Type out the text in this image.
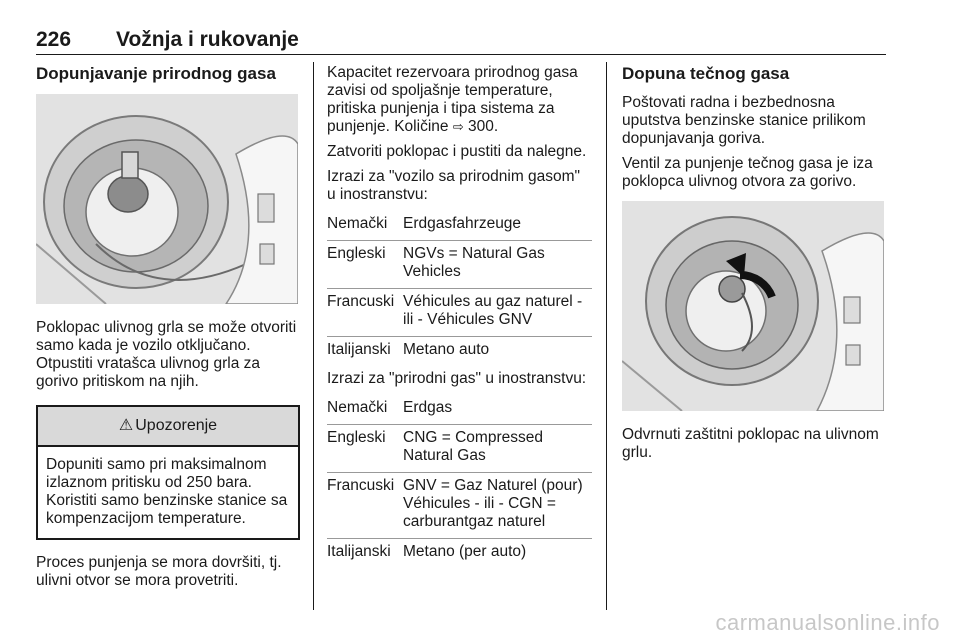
226 Vožnja i rukovanje
Dopunjavanje prirodnog gasa

Poklopac ulivnog grla se može otvoriti samo kada je vozilo otključano. Otpustiti vratašca ulivnog grla za gorivo pritiskom na njih.

⚠ Upozorenje
Dopuniti samo pri maksimalnom izlaznom pritisku od 250 bara. Koristiti samo benzinske stanice sa kompenzacijom temperature.

Proces punjenja se mora dovršiti, tj. ulivni otvor se mora provetriti.

Kapacitet rezervoara prirodnog gasa zavisi od spoljašnje temperature, pritiska punjenja i tipa sistema za punjenje. Količine ⇨ 300.

Zatvoriti poklopac i pustiti da nalegne.

Izrazi za "vozilo sa prirodnim gasom" u inostranstvu:

Nemački	Erdgasfahrzeuge
Engleski	NGVs = Natural Gas Vehicles
Francuski	Véhicules au gaz naturel - ili - Véhicules GNV
Italijanski	Metano auto

Izrazi za "prirodni gas" u inostranstvu:

Nemački	Erdgas
Engleski	CNG = Compressed Natural Gas
Francuski	GNV = Gaz Naturel (pour) Véhicules - ili - CGN = carburantgaz naturel
Italijanski	Metano (per auto)
Dopuna tečnog gasa

Poštovati radna i bezbednosna uputstva benzinske stanice prilikom dopunjavanja goriva.

Ventil za punjenje tečnog gasa je iza poklopca ulivnog otvora za gorivo.

Odvrnuti zaštitni poklopac na ulivnom grlu.

carmanualsonline.info
